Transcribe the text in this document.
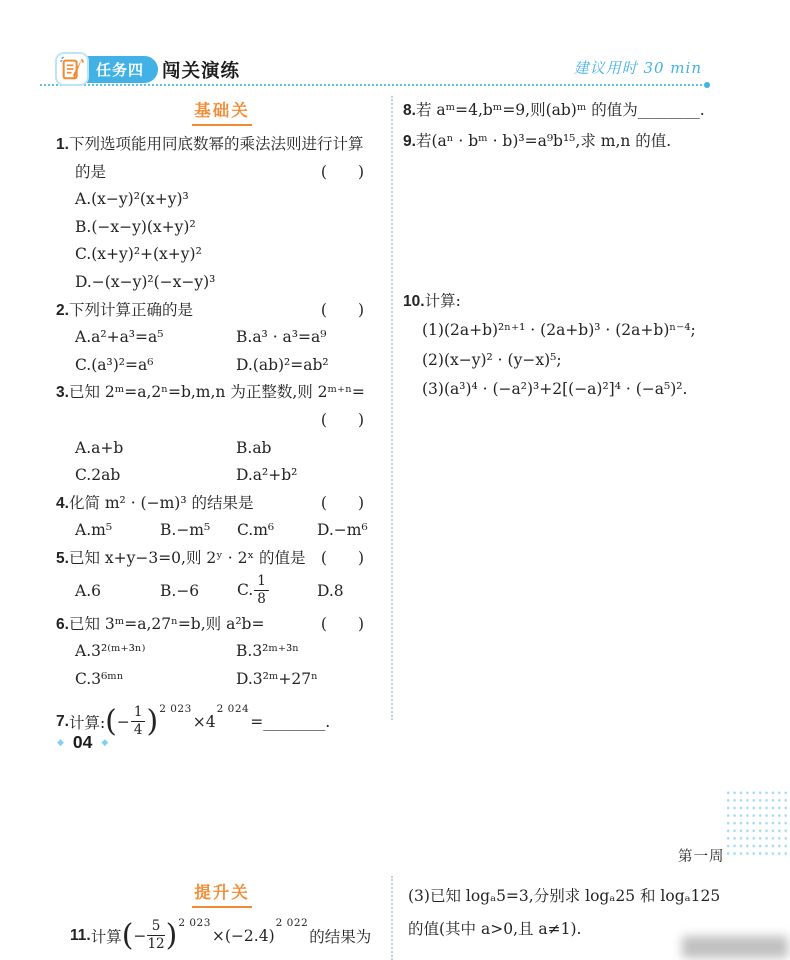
任务四 闯关演练	建议用时 30 min
基础关
1.下列选项能用同底数幂的乘法法则进行计算
的是	(　　)
A.(x−y)²(x+y)³
B.(−x−y)(x+y)²
C.(x+y)²+(x+y)²
D.−(x−y)²(−x−y)³
2.下列计算正确的是	(　　)
A.a²+a³=a⁵	B.a³ · a³=a⁹
C.(a³)²=a⁶	D.(ab)²=ab²
3.已知 2ᵐ=a,2ⁿ=b,m,n 为正整数,则 2ᵐ⁺ⁿ=
(　　)
A.a+b	B.ab
C.2ab	D.a²+b²
4.化简 m² · (−m)³ 的结果是	(　　)
A.m⁵	B.−m⁵	C.m⁶	D.−m⁶
5.已知 x+y−3=0,则 2ʸ · 2ˣ 的值是 (　　)
A.6	B.−6	C. $\frac{1}{8}$	D.8
6.已知 3ᵐ=a,27ⁿ=b,则 a²b=	(　　)
A.3²⁽ᵐ⁺³ⁿ⁾	B.3²ᵐ⁺³ⁿ
C.3⁶ᵐⁿ	D.3²ᵐ+27ⁿ
7. 计算: ( − $\frac{1}{4} )^{2 023}$
×4
$^{2 024}$
= ________ .
8.若 aᵐ=4,bᵐ=9,则(ab)ᵐ 的值为________.
9.若(aⁿ · bᵐ · b)³=a⁹b¹⁵,求 m,n 的值.
10.计算:
(1)(2a+b)²ⁿ⁺¹ · (2a+b)³ · (2a+b)ⁿ⁻⁴;
(2)(x−y)² · (y−x)⁵;
(3)(a³)⁴ · (−a²)³+2[(−a)²]⁴ · (−a⁵)².
◆ 04 ◆
第一周
提升关
11. 计算 ( − $\frac{5}{12} )^{2 023}$
×(−2.4)
$^{2 022}$
的结果为
(3)已知 logₐ5=3,分别求 logₐ25 和 logₐ125
的值(其中 a>0,且 a≠1).
